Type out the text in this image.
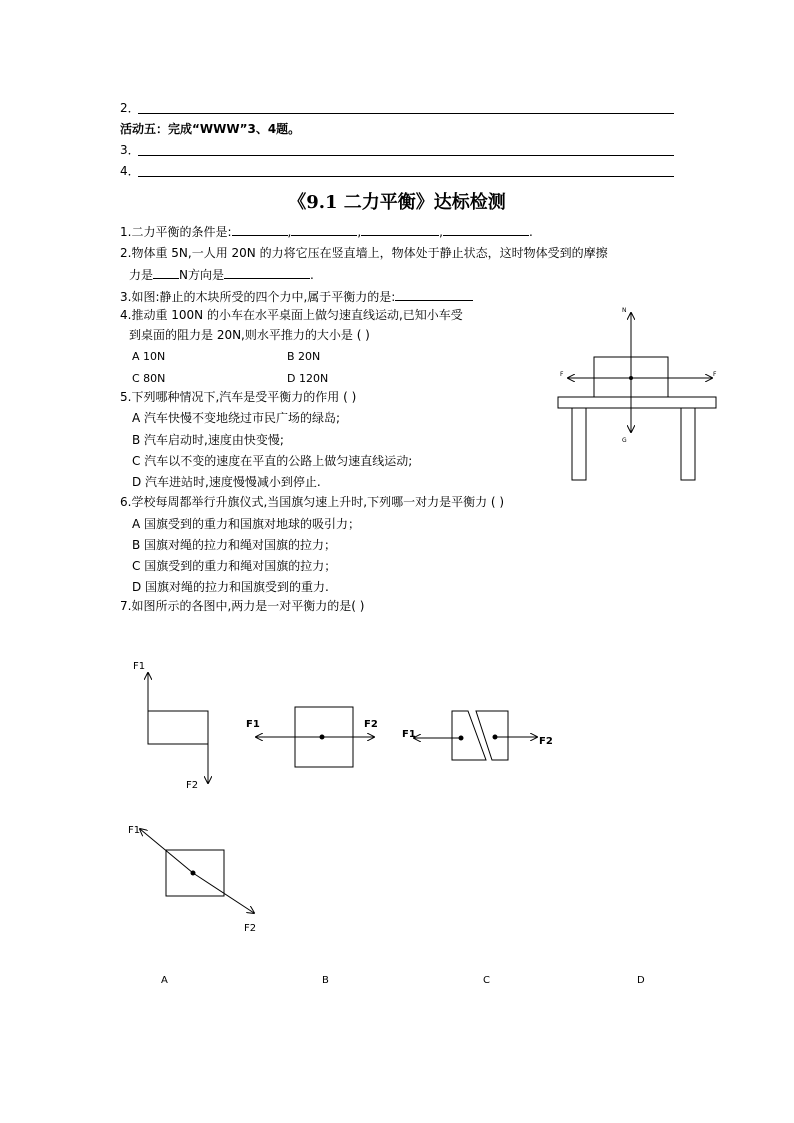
2．
活动五：完成“WWW”3、4题。
3．
4．
《9.1 二力平衡》达标检测
1.二力平衡的条件是:	,	,	,	.
2.物体重 5N,一人用 20N 的力将它压在竖直墙上，物体处于静止状态，这时物体受到的摩擦
力是 N方向是	.
3.如图:静止的木块所受的四个力中,属于平衡力的是:
4.推动重 100N 的小车在水平桌面上做匀速直线运动,已知小车受
到桌面的阻力是 20N,则水平推力的大小是 ( )
A 10N	B 20N
C 80N	D 120N
5.下列哪种情况下,汽车是受平衡力的作用 ( )
A 汽车快慢不变地绕过市民广场的绿岛;
B 汽车启动时,速度由快变慢;
C 汽车以不变的速度在平直的公路上做匀速直线运动;
D 汽车进站时,速度慢慢减小到停止.
6.学校每周都举行升旗仪式,当国旗匀速上升时,下列哪一对力是平衡力 ( )
A 国旗受到的重力和国旗对地球的吸引力；
B 国旗对绳的拉力和绳对国旗的拉力；
C 国旗受到的重力和绳对国旗的拉力；
D 国旗对绳的拉力和国旗受到的重力.
7.如图所示的各图中,两力是一对平衡力的是( )
N
F	F
G
F1
F2
F1	F2
F1
F2
F1
F2
A	B	C	D
